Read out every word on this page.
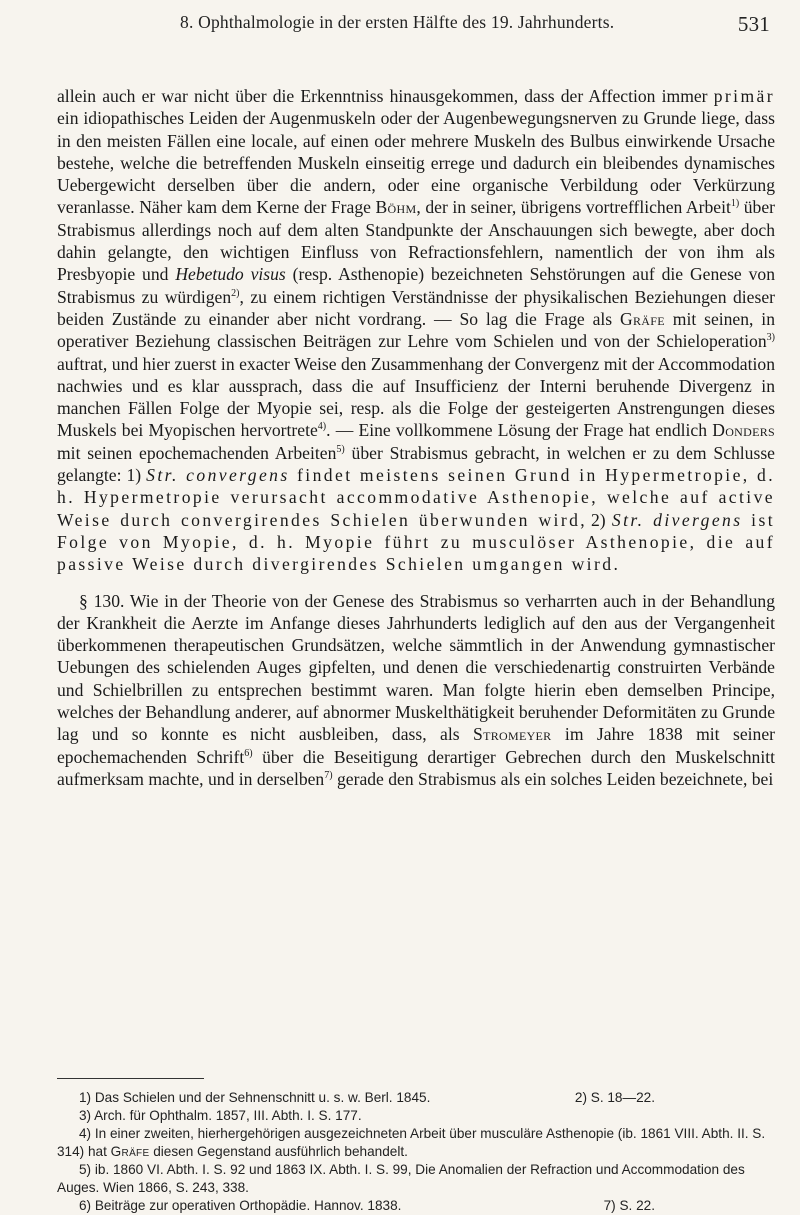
8. Ophthalmologie in der ersten Hälfte des 19. Jahrhunderts.	531

allein auch er war nicht über die Erkenntniss hinausgekommen, dass der Affection immer primär ein idiopathisches Leiden der Augenmuskeln oder der Augenbewegungsnerven zu Grunde liege, dass in den meisten Fällen eine locale, auf einen oder mehrere Muskeln des Bulbus einwirkende Ursache bestehe, welche die betreffenden Muskeln einseitig errege und dadurch ein bleibendes dynamisches Uebergewicht derselben über die andern, oder eine organische Verbildung oder Verkürzung veranlasse. Näher kam dem Kerne der Frage Böhm, der in seiner, übrigens vortrefflichen Arbeit$^{1)}$ über Strabismus allerdings noch auf dem alten Standpunkte der Anschauungen sich bewegte, aber doch dahin gelangte, den wichtigen Einfluss von Refractionsfehlern, namentlich der von ihm als Presbyopie und Hebetudo visus (resp. Asthenopie) bezeichneten Sehstörungen auf die Genese von Strabismus zu würdigen$^{2)}$, zu einem richtigen Verständnisse der physikalischen Beziehungen dieser beiden Zustände zu einander aber nicht vordrang. — So lag die Frage als Gräfe mit seinen, in operativer Beziehung classischen Beiträgen zur Lehre vom Schielen und von der Schieloperation$^{3)}$ auftrat, und hier zuerst in exacter Weise den Zusammenhang der Convergenz mit der Accommodation nachwies und es klar aussprach, dass die auf Insufficienz der Interni beruhende Divergenz in manchen Fällen Folge der Myopie sei, resp. als die Folge der gesteigerten Anstrengungen dieses Muskels bei Myopischen hervortrete$^{4)}$. — Eine vollkommene Lösung der Frage hat endlich Donders mit seinen epochemachenden Arbeiten$^{5)}$ über Strabismus gebracht, in welchen er zu dem Schlusse gelangte: 1) Str. convergens findet meistens seinen Grund in Hypermetropie, d. h. Hypermetropie verursacht accommodative Asthenopie, welche auf active Weise durch convergirendes Schielen überwunden wird, 2) Str. divergens ist Folge von Myopie, d. h. Myopie führt zu musculöser Asthenopie, die auf passive Weise durch divergirendes Schielen umgangen wird.

§ 130. Wie in der Theorie von der Genese des Strabismus so verharrten auch in der Behandlung der Krankheit die Aerzte im Anfange dieses Jahrhunderts lediglich auf den aus der Vergangenheit überkommenen therapeutischen Grundsätzen, welche sämmtlich in der Anwendung gymnastischer Uebungen des schielenden Auges gipfelten, und denen die verschiedenartig construirten Verbände und Schielbrillen zu entsprechen bestimmt waren. Man folgte hierin eben demselben Principe, welches der Behandlung anderer, auf abnormer Muskelthätigkeit beruhender Deformitäten zu Grunde lag und so konnte es nicht ausbleiben, dass, als Stromeyer im Jahre 1838 mit seiner epochemachenden Schrift$^{6)}$ über die Beseitigung derartiger Gebrechen durch den Muskelschnitt aufmerksam machte, und in derselben$^{7)}$ gerade den Strabismus als ein solches Leiden bezeichnete, bei

1) Das Schielen und der Sehnenschnitt u. s. w. Berl. 1845.	2) S. 18—22.

3) Arch. für Ophthalm. 1857, III. Abth. I. S. 177.

4) In einer zweiten, hierhergehörigen ausgezeichneten Arbeit über musculäre Asthenopie (ib. 1861 VIII. Abth. II. S. 314) hat Gräfe diesen Gegenstand ausführlich behandelt.

5) ib. 1860 VI. Abth. I. S. 92 und 1863 IX. Abth. I. S. 99, Die Anomalien der Refraction und Accommodation des Auges. Wien 1866, S. 243, 338.

6) Beiträge zur operativen Orthopädie. Hannov. 1838.	7) S. 22.
